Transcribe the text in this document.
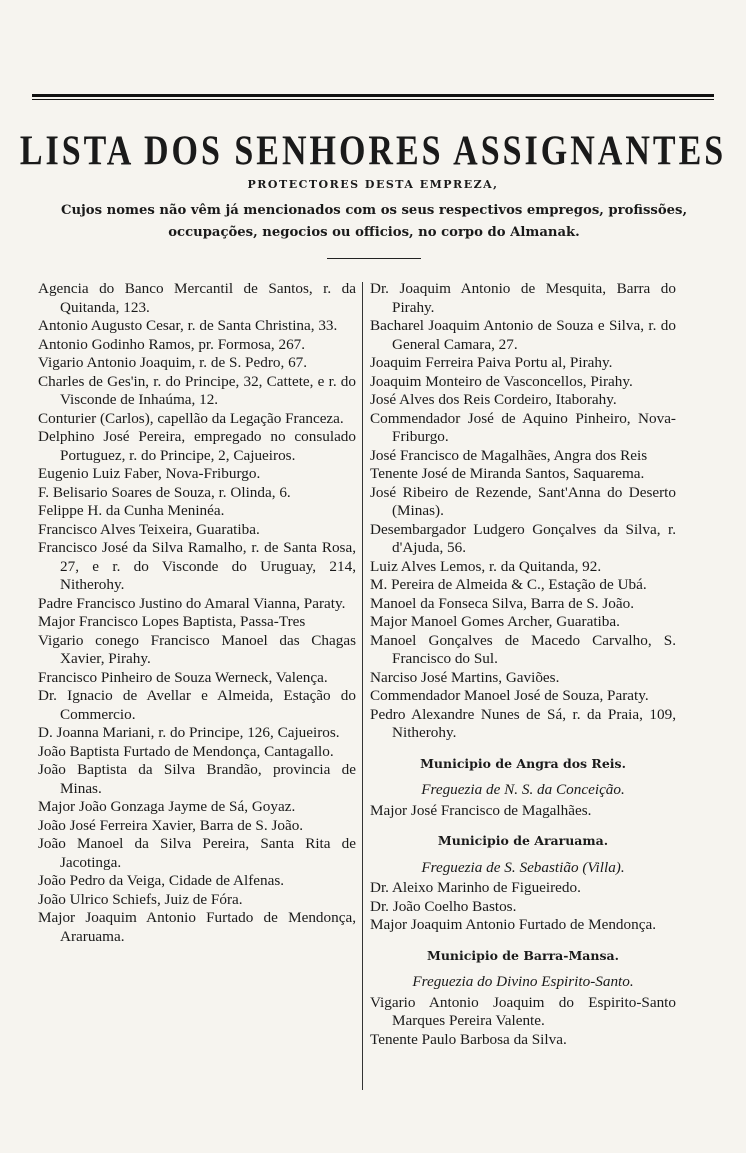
LISTA DOS SENHORES ASSIGNANTES
PROTECTORES DESTA EMPREZA,
Cujos nomes não vêm já mencionados com os seus respectivos empregos, profissões, occupações, negocios ou officios, no corpo do Almanak.
Agencia do Banco Mercantil de Santos, r. da Quitanda, 123.
Antonio Augusto Cesar, r. de Santa Christina, 33.
Antonio Godinho Ramos, pr. Formosa, 267.
Vigario Antonio Joaquim, r. de S. Pedro, 67.
Charles de Ges'in, r. do Principe, 32, Cattete, e r. do Visconde de Inhaúma, 12.
Conturier (Carlos), capellão da Legação Franceza.
Delphino José Pereira, empregado no consulado Portuguez, r. do Principe, 2, Cajueiros.
Eugenio Luiz Faber, Nova-Friburgo.
F. Belisario Soares de Souza, r. Olinda, 6.
Felippe H. da Cunha Meninéa.
Francisco Alves Teixeira, Guaratiba.
Francisco José da Silva Ramalho, r. de Santa Rosa, 27, e r. do Visconde do Uruguay, 214, Nitherohy.
Padre Francisco Justino do Amaral Vianna, Paraty.
Major Francisco Lopes Baptista, Passa-Tres
Vigario conego Francisco Manoel das Chagas Xavier, Pirahy.
Francisco Pinheiro de Souza Werneck, Valença.
Dr. Ignacio de Avellar e Almeida, Estação do Commercio.
D. Joanna Mariani, r. do Principe, 126, Cajueiros.
João Baptista Furtado de Mendonça, Cantagallo.
João Baptista da Silva Brandão, provincia de Minas.
Major João Gonzaga Jayme de Sá, Goyaz.
João José Ferreira Xavier, Barra de S. João.
João Manoel da Silva Pereira, Santa Rita de Jacotinga.
João Pedro da Veiga, Cidade de Alfenas.
João Ulrico Schiefs, Juiz de Fóra.
Major Joaquim Antonio Furtado de Mendonça, Araruama.
Dr. Joaquim Antonio de Mesquita, Barra do Pirahy.
Bacharel Joaquim Antonio de Souza e Silva, r. do General Camara, 27.
Joaquim Ferreira Paiva Portu al, Pirahy.
Joaquim Monteiro de Vasconcellos, Pirahy.
José Alves dos Reis Cordeiro, Itaborahy.
Commendador José de Aquino Pinheiro, Nova-Friburgo.
José Francisco de Magalhães, Angra dos Reis
Tenente José de Miranda Santos, Saquarema.
José Ribeiro de Rezende, Sant'Anna do Deserto (Minas).
Desembargador Ludgero Gonçalves da Silva, r. d'Ajuda, 56.
Luiz Alves Lemos, r. da Quitanda, 92.
M. Pereira de Almeida & C., Estação de Ubá.
Manoel da Fonseca Silva, Barra de S. João.
Major Manoel Gomes Archer, Guaratiba.
Manoel Gonçalves de Macedo Carvalho, S. Francisco do Sul.
Narciso José Martins, Gaviões.
Commendador Manoel José de Souza, Paraty.
Pedro Alexandre Nunes de Sá, r. da Praia, 109, Nitherohy.
Municipio de Angra dos Reis.
Freguezia de N. S. da Conceição.
Major José Francisco de Magalhães.
Municipio de Araruama.
Freguezia de S. Sebastião (Villa).
Dr. Aleixo Marinho de Figueiredo.
Dr. João Coelho Bastos.
Major Joaquim Antonio Furtado de Mendonça.
Municipio de Barra-Mansa.
Freguezia do Divino Espirito-Santo.
Vigario Antonio Joaquim do Espirito-Santo Marques Pereira Valente.
Tenente Paulo Barbosa da Silva.
